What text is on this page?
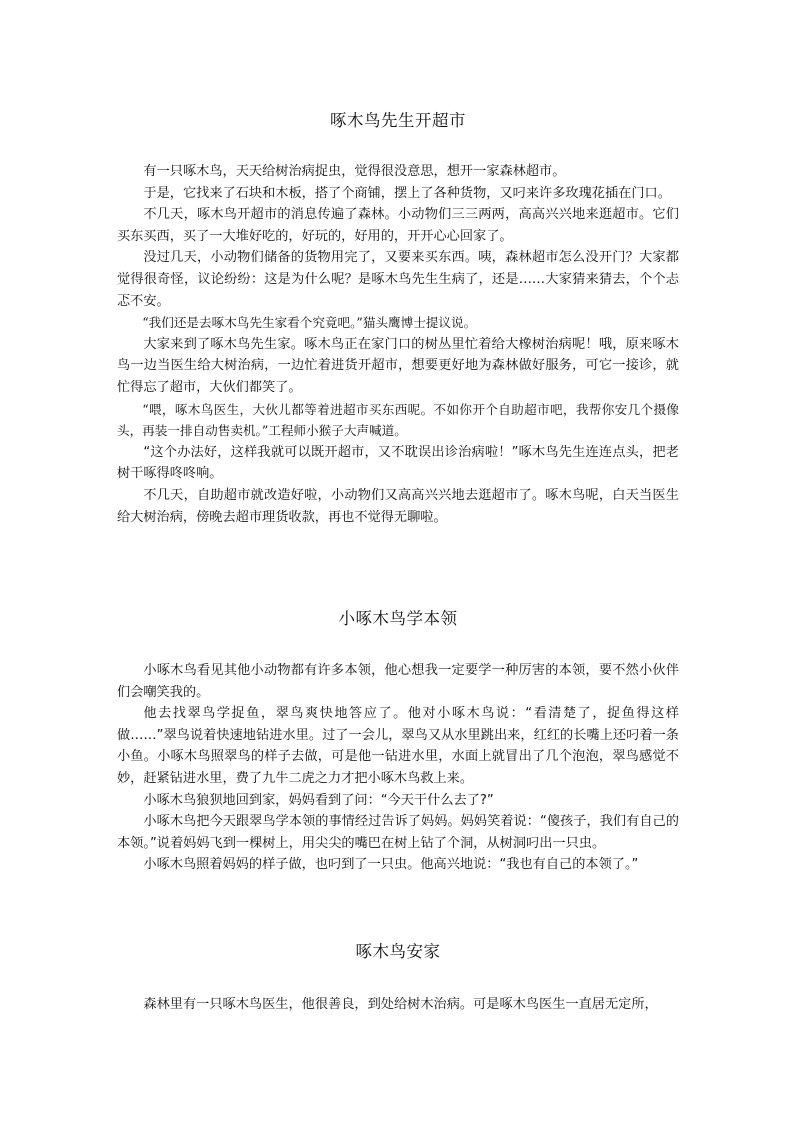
啄木鸟先生开超市

有一只啄木鸟，天天给树治病捉虫，觉得很没意思，想开一家森林超市。

于是，它找来了石块和木板，搭了个商铺，摆上了各种货物，又叼来许多玫瑰花插在门口。

不几天，啄木鸟开超市的消息传遍了森林。小动物们三三两两，高高兴兴地来逛超市。它们买东买西，买了一大堆好吃的，好玩的，好用的，开开心心回家了。

没过几天，小动物们储备的货物用完了，又要来买东西。咦，森林超市怎么没开门？大家都觉得很奇怪，议论纷纷：这是为什么呢？是啄木鸟先生生病了，还是……大家猜来猜去，个个忐忑不安。

“我们还是去啄木鸟先生家看个究竟吧。”猫头鹰博士提议说。

大家来到了啄木鸟先生家。啄木鸟正在家门口的树丛里忙着给大橡树治病呢！哦，原来啄木鸟一边当医生给大树治病，一边忙着进货开超市，想要更好地为森林做好服务，可它一接诊，就忙得忘了超市，大伙们都笑了。

“喂，啄木鸟医生，大伙儿都等着进超市买东西呢。不如你开个自助超市吧，我帮你安几个摄像头，再装一排自动售卖机。”工程师小猴子大声喊道。

“这个办法好，这样我就可以既开超市，又不耽误出诊治病啦！”啄木鸟先生连连点头，把老树干啄得咚咚响。

不几天，自助超市就改造好啦，小动物们又高高兴兴地去逛超市了。啄木鸟呢，白天当医生给大树治病，傍晚去超市理货收款，再也不觉得无聊啦。

小啄木鸟学本领

小啄木鸟看见其他小动物都有许多本领，他心想我一定要学一种厉害的本领，要不然小伙伴们会嘲笑我的。

他去找翠鸟学捉鱼，翠鸟爽快地答应了。他对小啄木鸟说：“看清楚了，捉鱼得这样做……”翠鸟说着快速地钻进水里。过了一会儿，翠鸟又从水里跳出来，红红的长嘴上还叼着一条小鱼。小啄木鸟照翠鸟的样子去做，可是他一钻进水里，水面上就冒出了几个泡泡，翠鸟感觉不妙，赶紧钻进水里，费了九牛二虎之力才把小啄木鸟救上来。

小啄木鸟狼狈地回到家，妈妈看到了问：“今天干什么去了?”

小啄木鸟把今天跟翠鸟学本领的事情经过告诉了妈妈。妈妈笑着说：“傻孩子，我们有自己的本领。”说着妈妈飞到一棵树上，用尖尖的嘴巴在树上钻了个洞，从树洞叼出一只虫。

小啄木鸟照着妈妈的样子做，也叼到了一只虫。他高兴地说：“我也有自己的本领了。”

啄木鸟安家

森林里有一只啄木鸟医生，他很善良，到处给树木治病。可是啄木鸟医生一直居无定所，
